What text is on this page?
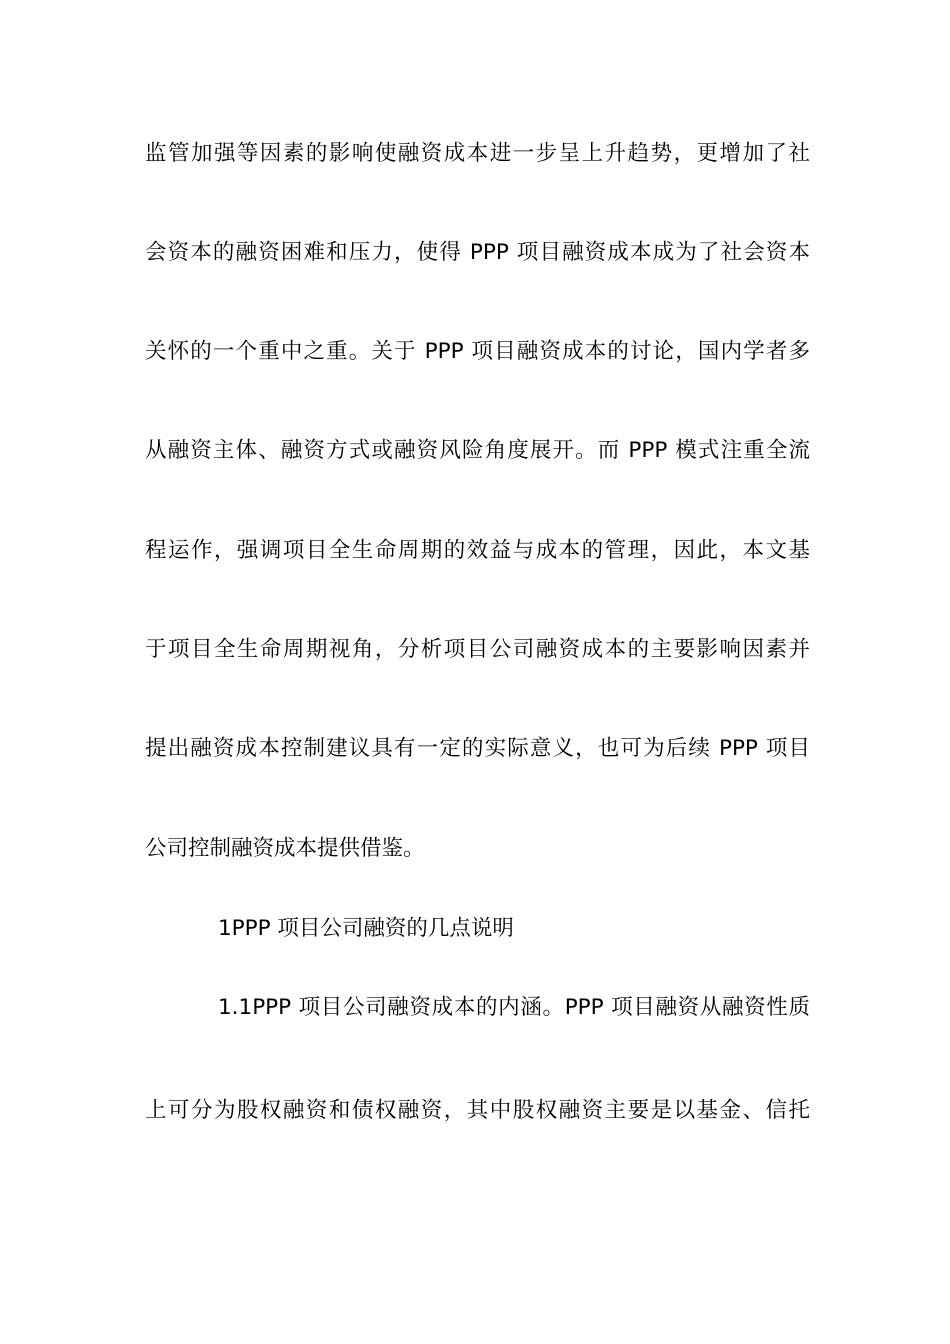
监管加强等因素的影响使融资成本进一步呈上升趋势，更增加了社
会资本的融资困难和压力，使得 PPP 项目融资成本成为了社会资本
关怀的一个重中之重。关于 PPP 项目融资成本的讨论，国内学者多
从融资主体、融资方式或融资风险角度展开。而 PPP 模式注重全流
程运作，强调项目全生命周期的效益与成本的管理，因此，本文基
于项目全生命周期视角，分析项目公司融资成本的主要影响因素并
提出融资成本控制建议具有一定的实际意义，也可为后续 PPP 项目
公司控制融资成本提供借鉴。
1PPP 项目公司融资的几点说明
1.1PPP 项目公司融资成本的内涵。PPP 项目融资从融资性质
上可分为股权融资和债权融资，其中股权融资主要是以基金、信托
